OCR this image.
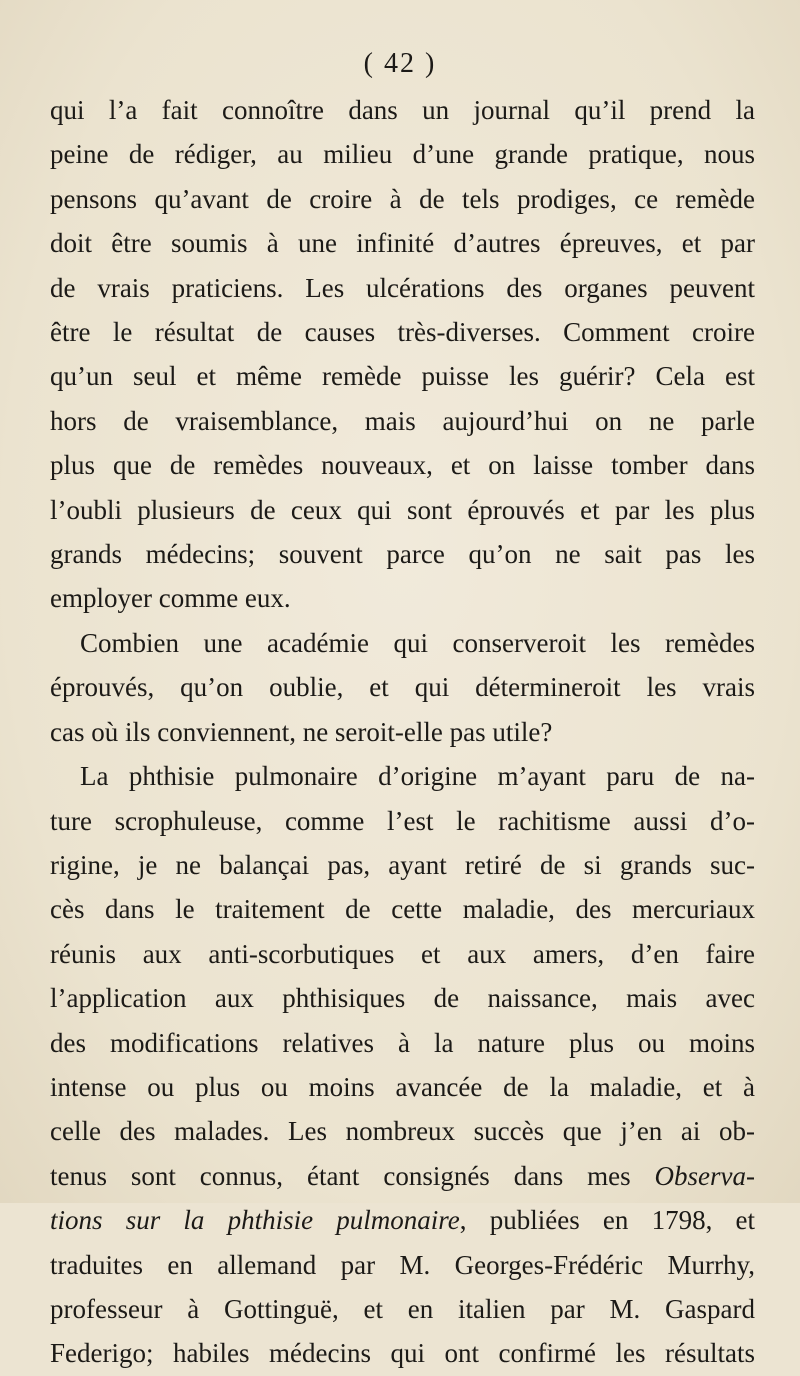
( 42 )
qui l’a fait connoître dans un journal qu’il prend la
peine de rédiger, au milieu d’une grande pratique, nous
pensons qu’avant de croire à de tels prodiges, ce remède
doit être soumis à une infinité d’autres épreuves, et par
de vrais praticiens. Les ulcérations des organes peuvent
être le résultat de causes très-diverses. Comment croire
qu’un seul et même remède puisse les guérir? Cela est
hors de vraisemblance, mais aujourd’hui on ne parle
plus que de remèdes nouveaux, et on laisse tomber dans
l’oubli plusieurs de ceux qui sont éprouvés et par les plus
grands médecins; souvent parce qu’on ne sait pas les
employer comme eux.
Combien une académie qui conserveroit les remèdes
éprouvés, qu’on oublie, et qui détermineroit les vrais
cas où ils conviennent, ne seroit-elle pas utile?
La phthisie pulmonaire d’origine m’ayant paru de na-
ture scrophuleuse, comme l’est le rachitisme aussi d’o-
rigine, je ne balançai pas, ayant retiré de si grands suc-
cès dans le traitement de cette maladie, des mercuriaux
réunis aux anti-scorbutiques et aux amers, d’en faire
l’application aux phthisiques de naissance, mais avec
des modifications relatives à la nature plus ou moins
intense ou plus ou moins avancée de la maladie, et à
celle des malades. Les nombreux succès que j’en ai ob-
tenus sont connus, étant consignés dans mes Observa-
tions sur la phthisie pulmonaire, publiées en 1798, et
traduites en allemand par M. Georges-Frédéric Murrhy,
professeur à Gottinguë, et en italien par M. Gaspard
Federigo; habiles médecins qui ont confirmé les résultats
